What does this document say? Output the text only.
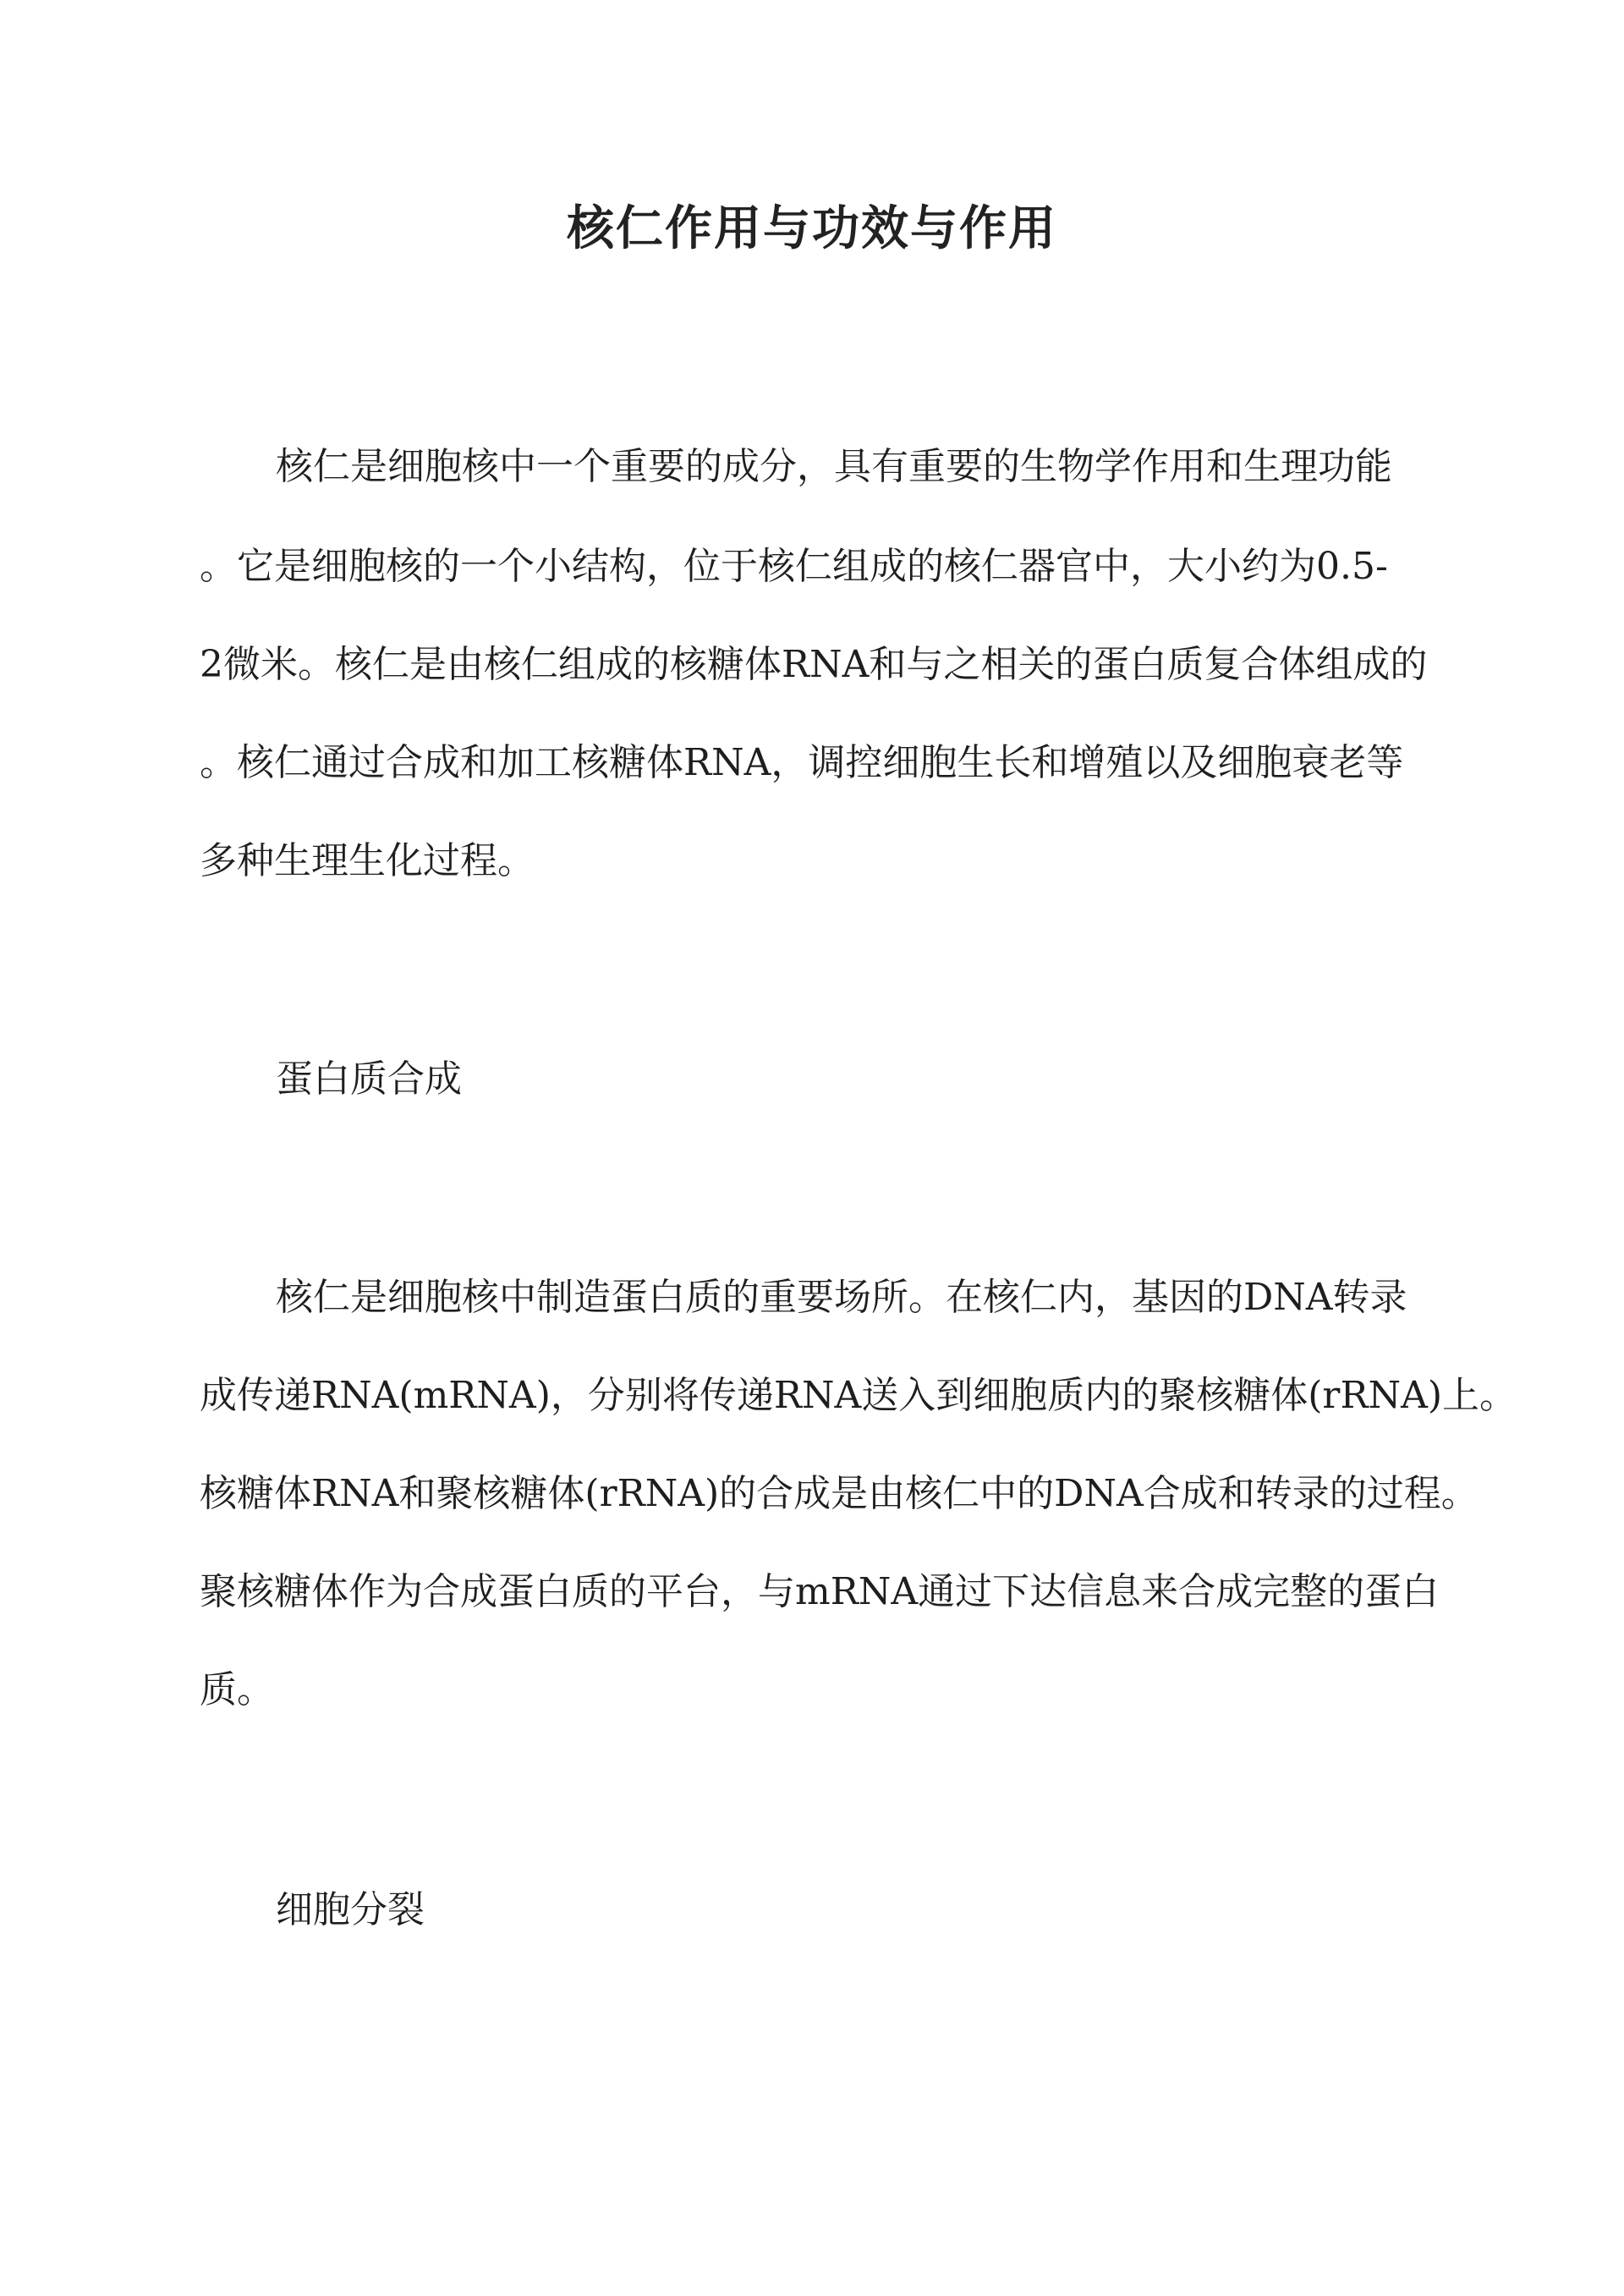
核仁作用与功效与作用
核仁是细胞核中一个重要的成分，具有重要的生物学作用和生理功能
。它是细胞核的一个小结构，位于核仁组成的核仁器官中，大小约为0.5-
2微米。核仁是由核仁组成的核糖体RNA和与之相关的蛋白质复合体组成的
。核仁通过合成和加工核糖体RNA，调控细胞生长和增殖以及细胞衰老等
多种生理生化过程。
蛋白质合成
核仁是细胞核中制造蛋白质的重要场所。在核仁内，基因的DNA转录
成传递RNA(mRNA)，分别将传递RNA送入到细胞质内的聚核糖体(rRNA)上。
核糖体RNA和聚核糖体(rRNA)的合成是由核仁中的DNA合成和转录的过程。
聚核糖体作为合成蛋白质的平台，与mRNA通过下达信息来合成完整的蛋白
质。
细胞分裂
